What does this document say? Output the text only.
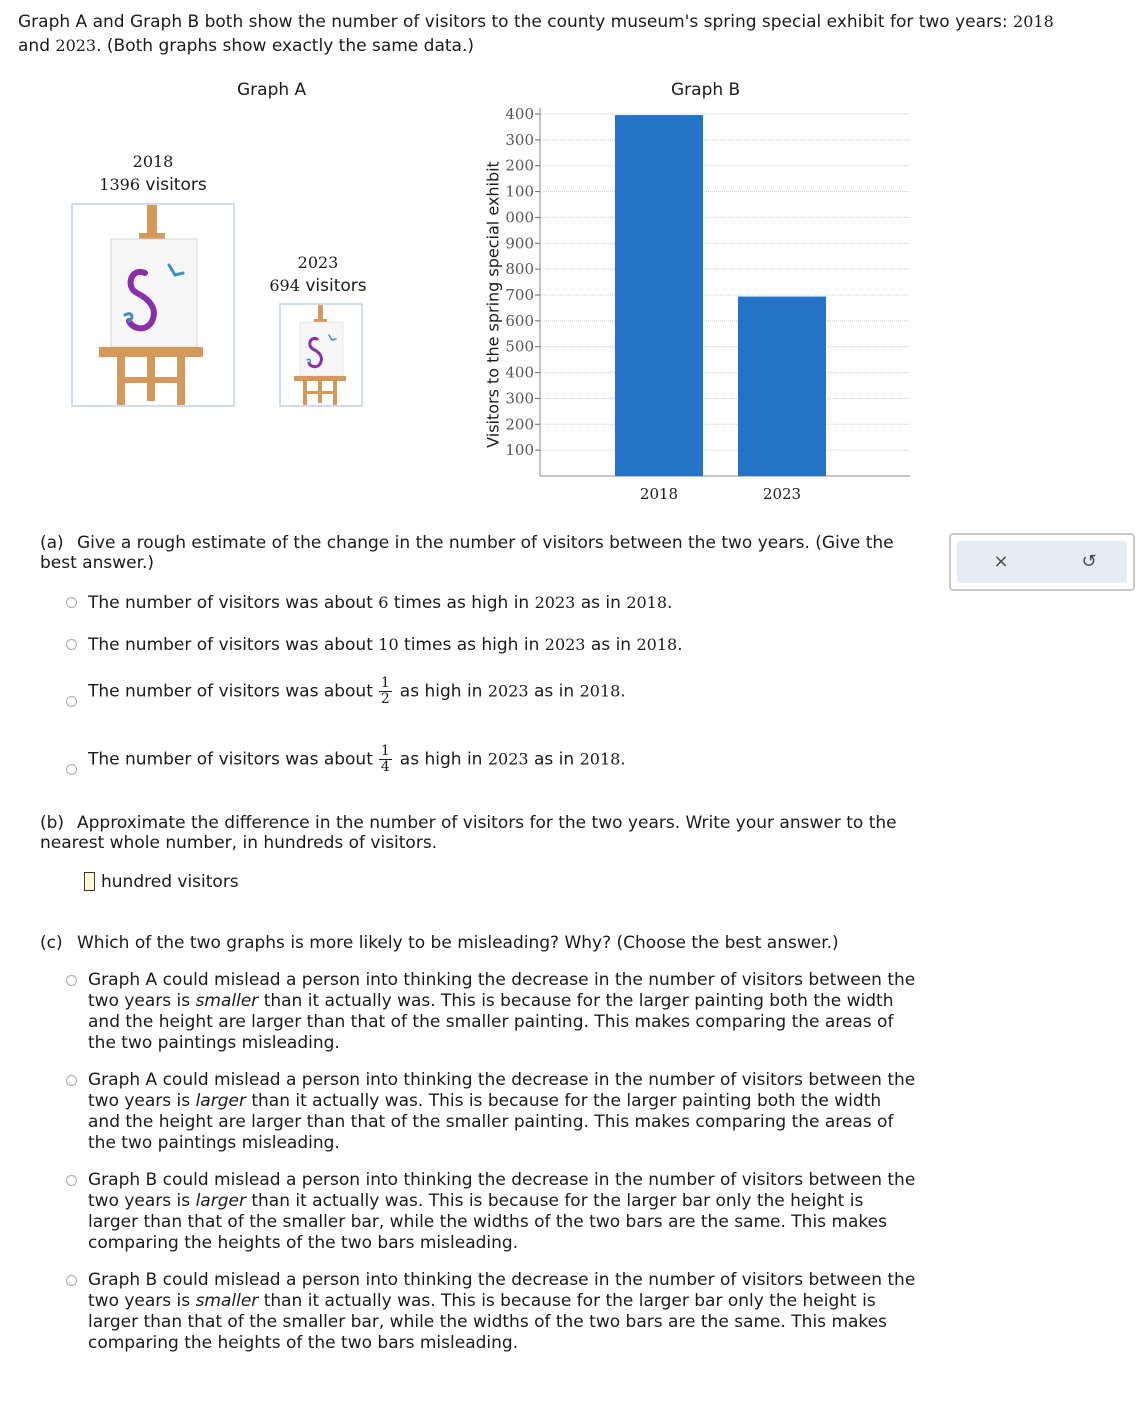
Graph A and Graph B both show the number of visitors to the county museum's spring special exhibit for two years: 2018
and 2023. (Both graphs show exactly the same data.)
Graph A
2018
1396 visitors
2023
694 visitors
Graph B
Visitors to the spring special exhibit
400
300
200
100
000
900
800
700
600
500
400
300
200
100
2018	2023
×	↺
(a) Give a rough estimate of the change in the number of visitors between the two years. (Give the best answer.)
The number of visitors was about 6 times as high in 2023 as in 2018.
The number of visitors was about 10 times as high in 2023 as in 2018.
The number of visitors was about $\frac{1}{2}$ as high in 2023 as in 2018.
The number of visitors was about $\frac{1}{4}$ as high in 2023 as in 2018.
(b) Approximate the difference in the number of visitors for the two years. Write your answer to the nearest whole number, in hundreds of visitors.
hundred visitors
(c) Which of the two graphs is more likely to be misleading? Why? (Choose the best answer.)
Graph A could mislead a person into thinking the decrease in the number of visitors between the two years is smaller than it actually was. This is because for the larger painting both the width and the height are larger than that of the smaller painting. This makes comparing the areas of the two paintings misleading.
Graph A could mislead a person into thinking the decrease in the number of visitors between the two years is larger than it actually was. This is because for the larger painting both the width and the height are larger than that of the smaller painting. This makes comparing the areas of the two paintings misleading.
Graph B could mislead a person into thinking the decrease in the number of visitors between the two years is larger than it actually was. This is because for the larger bar only the height is larger than that of the smaller bar, while the widths of the two bars are the same. This makes comparing the heights of the two bars misleading.
Graph B could mislead a person into thinking the decrease in the number of visitors between the two years is smaller than it actually was. This is because for the larger bar only the height is larger than that of the smaller bar, while the widths of the two bars are the same. This makes comparing the heights of the two bars misleading.
